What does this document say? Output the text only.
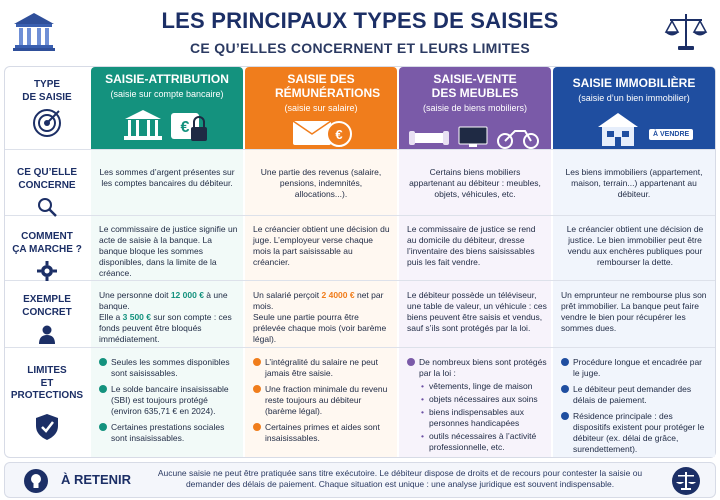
LES PRINCIPAUX TYPES DE SAISIES
CE QU’ELLES CONCERNENT ET LEURS LIMITES
SAISIE-ATTRIBUTION
(saisie sur compte bancaire)
€
SAISIE DES RÉMUNÉRATIONS
(saisie sur salaire)
€
SAISIE-VENTE DES MEUBLES
(saisie de biens mobiliers)
SAISIE IMMOBILIÈRE
(saisie d’un bien immobilier)
À VENDRE
TYPE
DE SAISIE
CE QU’ELLE
CONCERNE
COMMENT
ÇA MARCHE ?
EXEMPLE
CONCRET
LIMITES
ET PROTECTIONS
Les sommes d’argent présentes sur les comptes bancaires du débiteur.
Une partie des revenus (salaire, pensions, indemnités, allocations...).
Certains biens mobiliers appartenant au débiteur : meubles, objets, véhicules, etc.
Les biens immobiliers (appartement, maison, terrain...) appartenant au débiteur.
Le commissaire de justice signifie un acte de saisie à la banque. La banque bloque les sommes disponibles, dans la limite de la créance.
Le créancier obtient une décision du juge. L’employeur verse chaque mois la part saisissable au créancier.
Le commissaire de justice se rend au domicile du débiteur, dresse l’inventaire des biens saisissables puis les fait vendre.
Le créancier obtient une décision de justice. Le bien immobilier peut être vendu aux enchères publiques pour rembourser la dette.
Une personne doit 12 000 € à une banque.
Elle a 3 500 € sur son compte : ces fonds peuvent être bloqués immédiatement.
Un salarié perçoit 2 4000 € net par mois.
Seule une partie pourra être prélevée chaque mois (voir barème légal).
Le débiteur possède un téléviseur, une table de valeur, un véhicule : ces biens peuvent être saisis et vendus, sauf s’ils sont protégés par la loi.
Un emprunteur ne rembourse plus son prêt immobilier. La banque peut faire vendre le bien pour récupérer les sommes dues.
Seules les sommes disponibles sont saisissables.
Le solde bancaire insaisissable (SBI) est toujours protégé (environ 635,71 € en 2024).
Certaines prestations sociales sont insaisissables.
L’intégralité du salaire ne peut jamais être saisie.
Une fraction minimale du revenu reste toujours au débiteur (barème légal).
Certaines primes et aides sont insaisissables.
De nombreux biens sont protégés par la loi :
• vêtements, linge de maison
• objets nécessaires aux soins
• biens indispensables aux personnes handicapées
• outils nécessaires à l’activité professionnelle, etc.
Procédure longue et encadrée par le juge.
Le débiteur peut demander des délais de paiement.
Résidence principale : des dispositifs existent pour protéger le débiteur (ex. délai de grâce, surendettement).
À RETENIR	Aucune saisie ne peut être pratiquée sans titre exécutoire. Le débiteur dispose de droits et de recours pour contester la saisie ou demander des délais de paiement. Chaque situation est unique : une analyse juridique est souvent indispensable.
